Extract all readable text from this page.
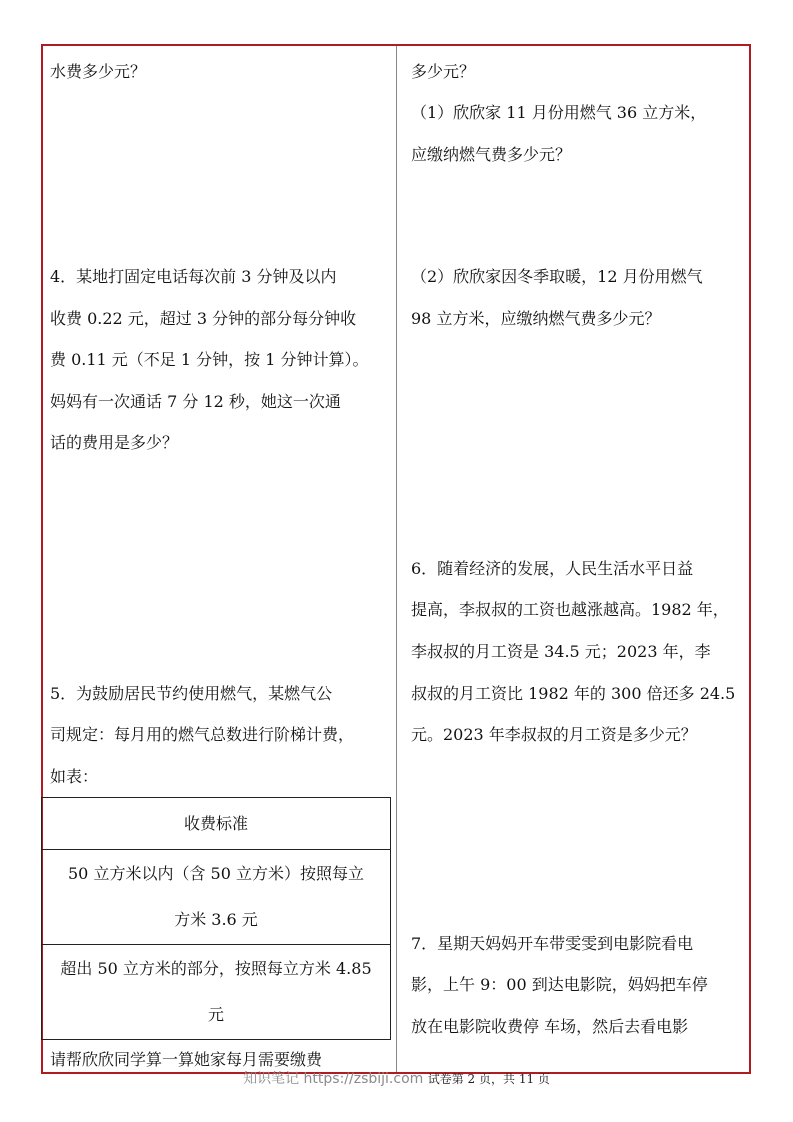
水费多少元？
4．某地打固定电话每次前 3 分钟及以内
收费 0.22 元，超过 3 分钟的部分每分钟收
费 0.11 元（不足 1 分钟，按 1 分钟计算）。
妈妈有一次通话 7 分 12 秒，她这一次通
话的费用是多少？
5．为鼓励居民节约使用燃气，某燃气公
司规定：每月用的燃气总数进行阶梯计费，
如表：
收费标准

50 立方米以内（含 50 立方米）按照每立
方米 3.6 元

超出 50 立方米的部分，按照每立方米 4.85
元
请帮欣欣同学算一算她家每月需要缴费
多少元？
（1）欣欣家 11 月份用燃气 36 立方米，
应缴纳燃气费多少元？
（2）欣欣家因冬季取暖，12 月份用燃气
98 立方米，应缴纳燃气费多少元？
6．随着经济的发展，人民生活水平日益
提高，李叔叔的工资也越涨越高。1982 年，
李叔叔的月工资是 34.5 元；2023 年，李
叔叔的月工资比 1982 年的 300 倍还多 24.5
元。2023 年李叔叔的月工资是多少元？
7．星期天妈妈开车带雯雯到电影院看电
影，上午 9：00 到达电影院，妈妈把车停
放在电影院收费停 车场，然后去看电影
知识笔记 https://zsbiji.com 试卷第 2 页，共 11 页
